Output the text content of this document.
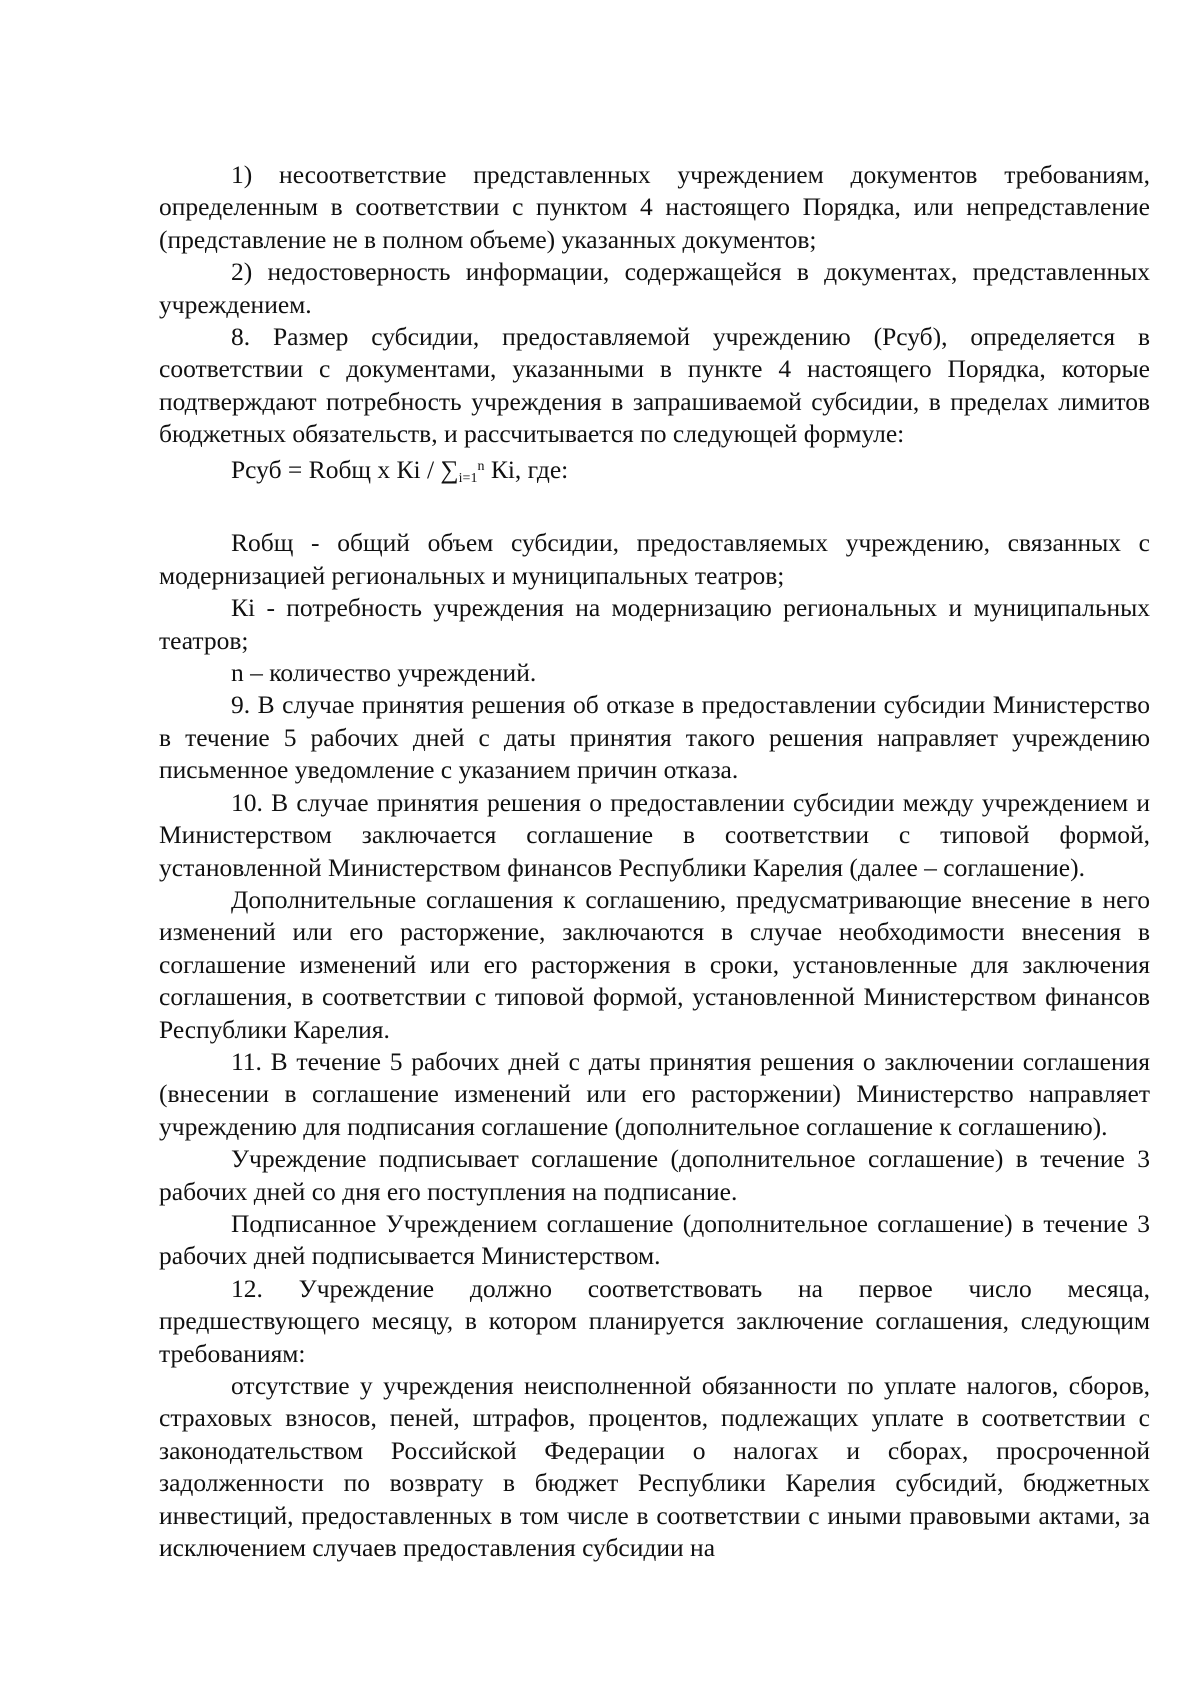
1) несоответствие представленных учреждением документов требованиям, определенным в соответствии с пунктом 4 настоящего Порядка, или непредставление (представление не в полном объеме) указанных документов;

2) недостоверность информации, содержащейся в документах, представленных учреждением.

8. Размер субсидии, предоставляемой учреждению (Рсуб), определяется в соответствии с документами, указанными в пункте 4 настоящего Порядка, которые подтверждают потребность учреждения в запрашиваемой субсидии, в пределах лимитов бюджетных обязательств, и рассчитывается по следующей формуле:

Рсуб = Rобщ х Кi / $\sum_{i=1}^n$ Кi, где:

Rобщ - общий объем субсидии, предоставляемых учреждению, связанных с модернизацией региональных и муниципальных театров;

Кi - потребность учреждения на модернизацию региональных и муниципальных театров;

n – количество учреждений.

9. В случае принятия решения об отказе в предоставлении субсидии Министерство в течение 5 рабочих дней с даты принятия такого решения направляет учреждению письменное уведомление с указанием причин отказа.

10. В случае принятия решения о предоставлении субсидии между учреждением и Министерством заключается соглашение в соответствии с типовой формой, установленной Министерством финансов Республики Карелия (далее – соглашение).

Дополнительные соглашения к соглашению, предусматривающие внесение в него изменений или его расторжение, заключаются в случае необходимости внесения в соглашение изменений или его расторжения в сроки, установленные для заключения соглашения, в соответствии с типовой формой, установленной Министерством финансов Республики Карелия.

11. В течение 5 рабочих дней с даты принятия решения о заключении соглашения (внесении в соглашение изменений или его расторжении) Министерство направляет учреждению для подписания соглашение (дополнительное соглашение к соглашению).

Учреждение подписывает соглашение (дополнительное соглашение) в течение 3 рабочих дней со дня его поступления на подписание.

Подписанное Учреждением соглашение (дополнительное соглашение) в течение 3 рабочих дней подписывается Министерством.

12. Учреждение должно соответствовать на первое число месяца, предшествующего месяцу, в котором планируется заключение соглашения, следующим требованиям:

отсутствие у учреждения неисполненной обязанности по уплате налогов, сборов, страховых взносов, пеней, штрафов, процентов, подлежащих уплате в соответствии с законодательством Российской Федерации о налогах и сборах, просроченной задолженности по возврату в бюджет Республики Карелия субсидий, бюджетных инвестиций, предоставленных в том числе в соответствии с иными правовыми актами, за исключением случаев предоставления субсидии на
